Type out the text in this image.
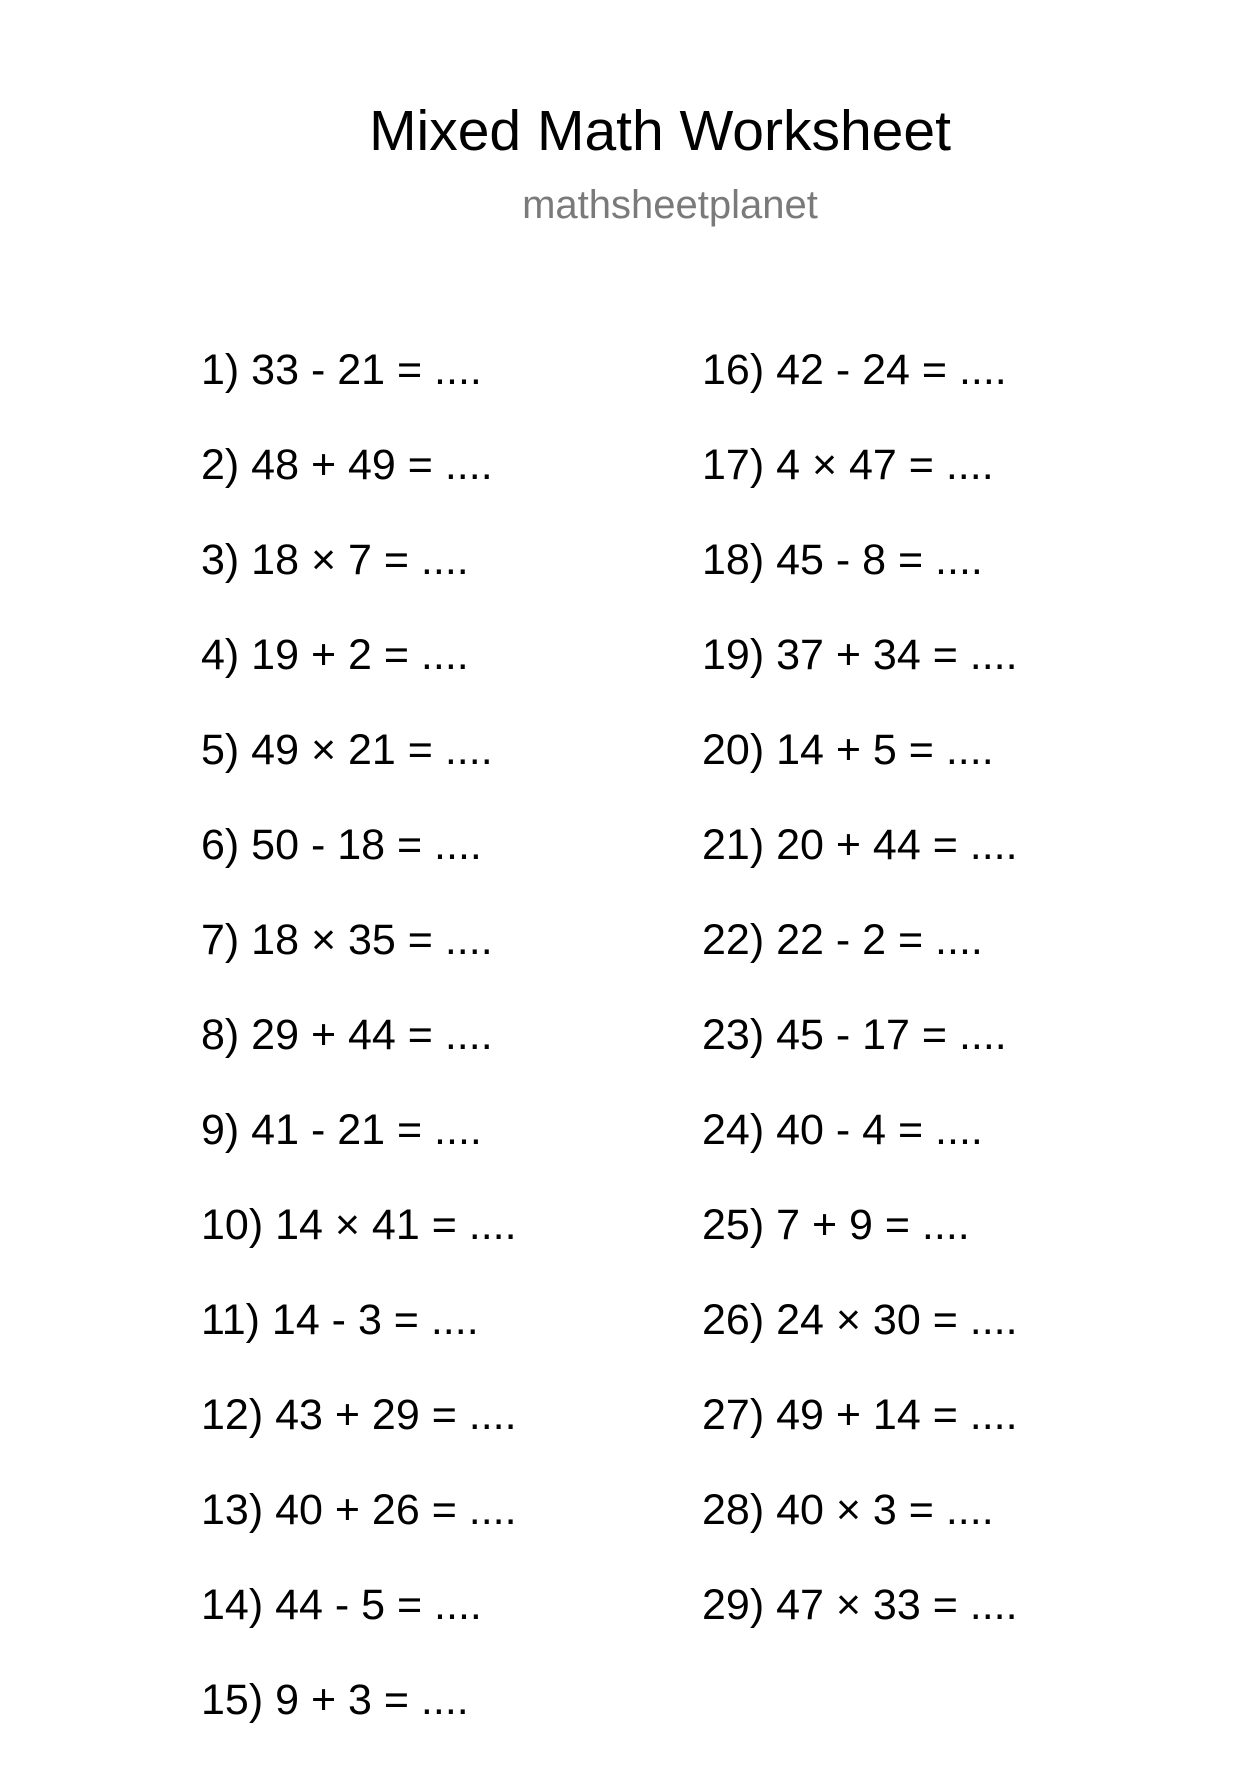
Mixed Math Worksheet
mathsheetplanet
1) 33 - 21 = ....
2) 48 + 49 = ....
3) 18 × 7 = ....
4) 19 + 2 = ....
5) 49 × 21 = ....
6) 50 - 18 = ....
7) 18 × 35 = ....
8) 29 + 44 = ....
9) 41 - 21 = ....
10) 14 × 41 = ....
11) 14 - 3 = ....
12) 43 + 29 = ....
13) 40 + 26 = ....
14) 44 - 5 = ....
15) 9 + 3 = ....
16) 42 - 24 = ....
17) 4 × 47 = ....
18) 45 - 8 = ....
19) 37 + 34 = ....
20) 14 + 5 = ....
21) 20 + 44 = ....
22) 22 - 2 = ....
23) 45 - 17 = ....
24) 40 - 4 = ....
25) 7 + 9 = ....
26) 24 × 30 = ....
27) 49 + 14 = ....
28) 40 × 3 = ....
29) 47 × 33 = ....
